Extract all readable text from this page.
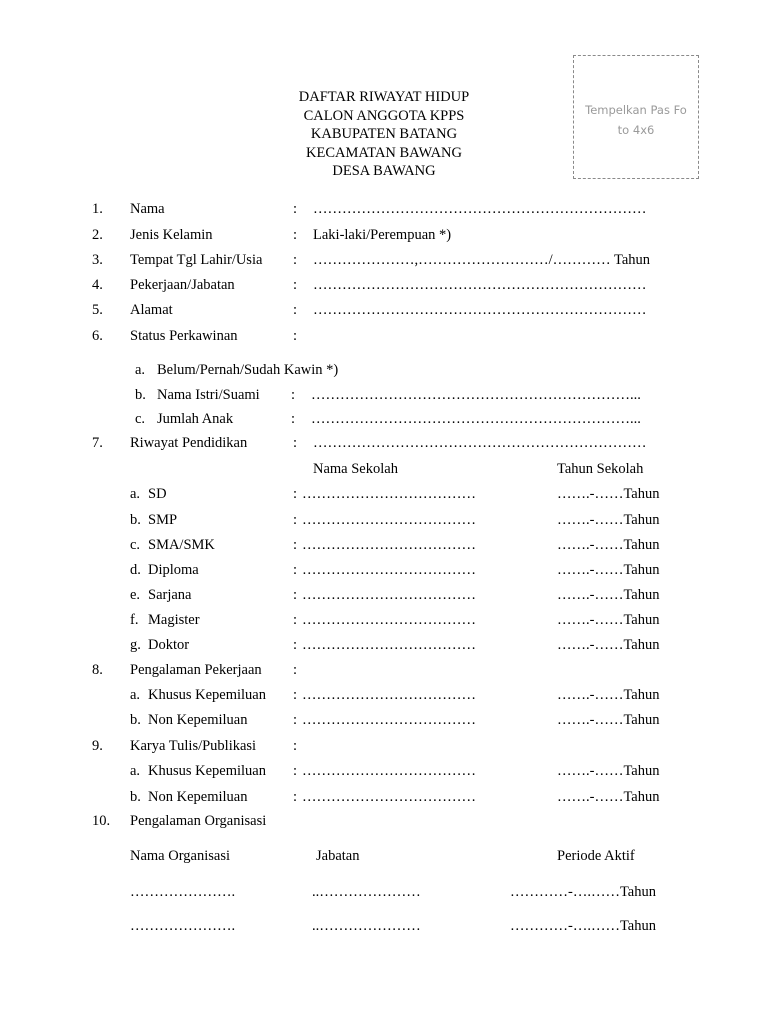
DAFTAR RIWAYAT HIDUP
CALON ANGGOTA KPPS
KABUPATEN BATANG
KECAMATAN BAWANG
DESA BAWANG
Tempelkan Pas Fo
to 4x6
1. Nama	: ……………………………………………………………
2. Jenis Kelamin	: Laki-laki/Perempuan *)
3. Tempat Tgl Lahir/Usia : …………………,………………………/………… Tahun
4. Pekerjaan/Jabatan	: ……………………………………………………………
5. Alamat	: ……………………………………………………………
6. Status Perkawinan	:
a. Belum/Pernah/Sudah Kawin *)
b. Nama Istri/Suami : …………………………………………………………...
c. Jumlah Anak	: …………………………………………………………...
7. Riwayat Pendidikan	: ……………………………………………………………
Nama Sekolah	Tahun Sekolah
a. SD	: ………………………………	…….-……Tahun
b. SMP	: ………………………………	…….-……Tahun
c. SMA/SMK	: ………………………………	…….-……Tahun
d. Diploma	: ………………………………	…….-……Tahun
e. Sarjana	: ………………………………	…….-……Tahun
f. Magister	: ………………………………	…….-……Tahun
g. Doktor	: ………………………………	…….-……Tahun
8. Pengalaman Pekerjaan :
a. Khusus Kepemiluan : ………………………………	…….-……Tahun
b. Non Kepemiluan	: ………………………………	…….-……Tahun
9. Karya Tulis/Publikasi	:
a. Khusus Kepemiluan : ………………………………	…….-……Tahun
b. Non Kepemiluan	: ………………………………	…….-……Tahun
10. Pengalaman Organisasi
Nama Organisasi	Jabatan	Periode Aktif
………………….	..…………………	…………-….……Tahun
………………….	..…………………	…………-….……Tahun
